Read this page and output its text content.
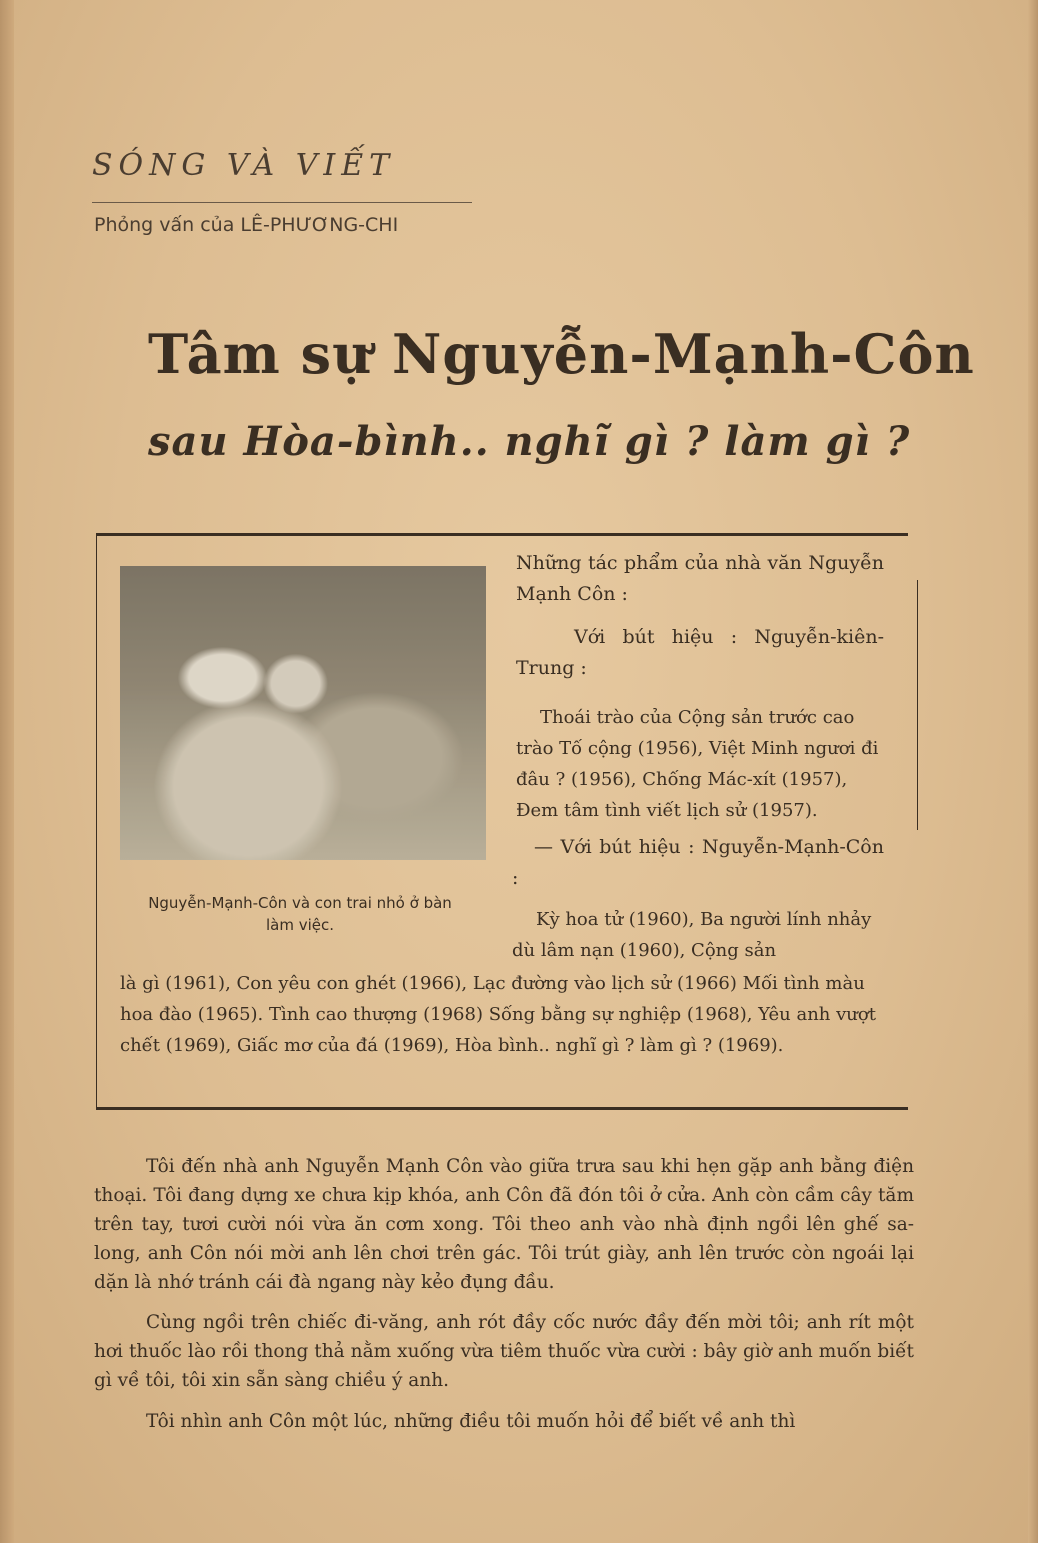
SÓNG VÀ VIẾT
Phỏng vấn của LÊ-PHƯƠNG-CHI
Tâm sự Nguyễn-Mạnh-Côn
sau Hòa-bình.. nghĩ gì ? làm gì ?
Nguyễn-Mạnh-Côn và con trai nhỏ ở bàn làm việc.
Những tác phẩm của nhà văn Nguyễn Mạnh Côn :
Với bút hiệu : Nguyễn-kiên-Trung :
Thoái trào của Cộng sản trước cao trào Tố cộng (1956), Việt Minh ngươi đi đâu ? (1956), Chống Mác-xít (1957), Đem tâm tình viết lịch sử (1957).
— Với bút hiệu : Nguyễn-Mạnh-Côn :
Kỳ hoa tử (1960), Ba người lính nhảy dù lâm nạn (1960), Cộng sản
là gì (1961), Con yêu con ghét (1966), Lạc đường vào lịch sử (1966) Mối tình màu hoa đào (1965). Tình cao thượng (1968) Sống bằng sự nghiệp (1968), Yêu anh vượt chết (1969), Giấc mơ của đá (1969), Hòa bình.. nghĩ gì ? làm gì ? (1969).
Tôi đến nhà anh Nguyễn Mạnh Côn vào giữa trưa sau khi hẹn gặp anh bằng điện thoại. Tôi đang dựng xe chưa kịp khóa, anh Côn đã đón tôi ở cửa. Anh còn cầm cây tăm trên tay, tươi cười nói vừa ăn cơm xong. Tôi theo anh vào nhà định ngồi lên ghế sa-long, anh Côn nói mời anh lên chơi trên gác. Tôi trút giày, anh lên trước còn ngoái lại dặn là nhớ tránh cái đà ngang này kẻo đụng đầu.
Cùng ngồi trên chiếc đi-văng, anh rót đầy cốc nước đầy đến mời tôi; anh rít một hơi thuốc lào rồi thong thả nằm xuống vừa tiêm thuốc vừa cười : bây giờ anh muốn biết gì về tôi, tôi xin sẵn sàng chiều ý anh.
Tôi nhìn anh Côn một lúc, những điều tôi muốn hỏi để biết về anh thì
